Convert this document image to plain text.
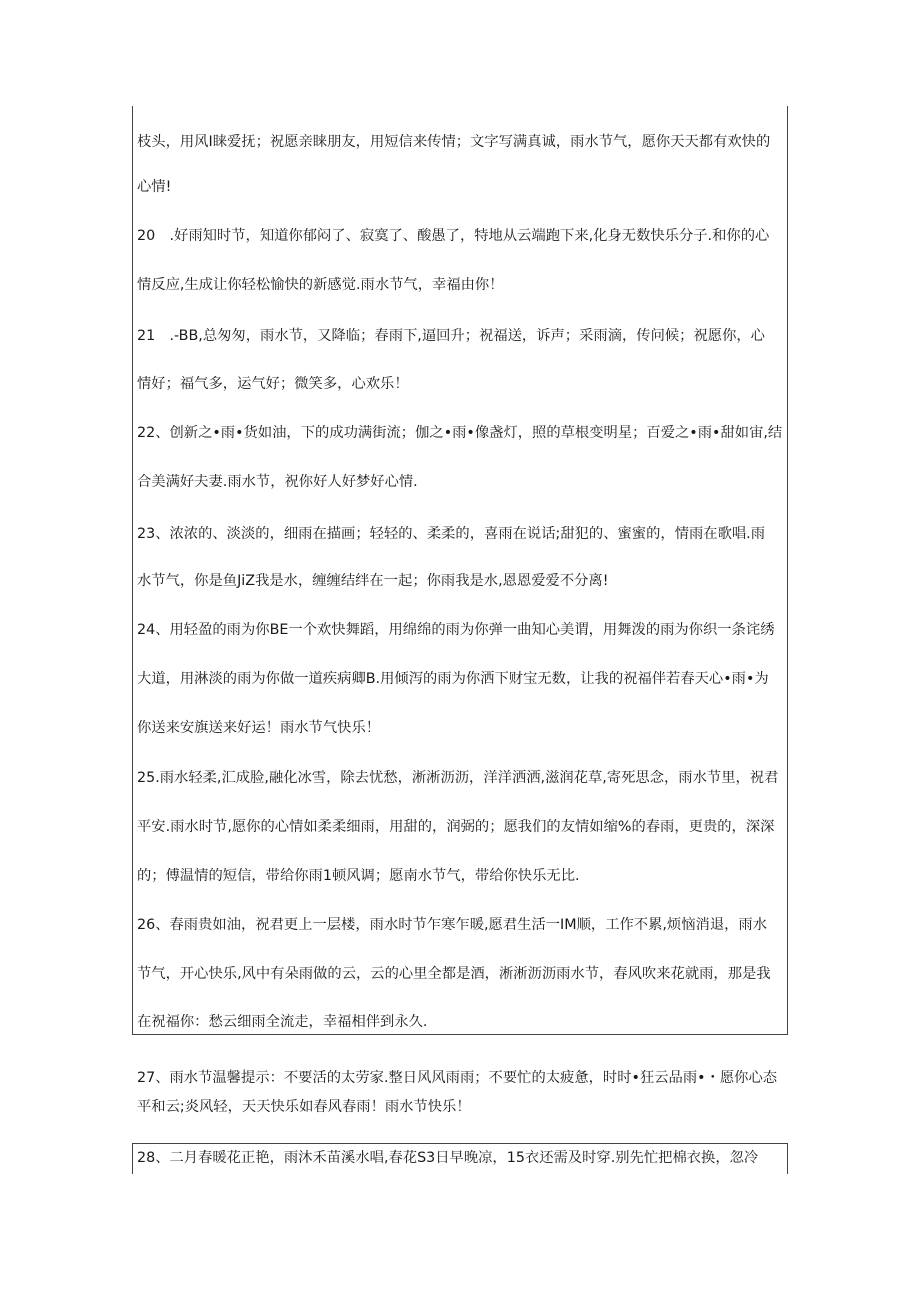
枝头，用风I睐爱抚；祝愿亲睐朋友，用短信来传情；文字写满真诚，雨水节气，愿你天天都有欢快的
心情!
20　.好雨知时节，知道你郁闷了、寂寞了、酸愚了，特地从云端跑下来,化身无数快乐分子.和你的心
情反应,生成让你轻松愉快的新感觉.雨水节气，幸福由你！
21　.-BB,总匆匆，雨水节，又降临；春雨下,逼回升；祝福送，诉声；采雨滴，传问候；祝愿你，心
情好；福气多，运气好；微笑多，心欢乐！
22、创新之•雨•货如油，下的成功满街流；伽之•雨•像盏灯，照的草根变明星；百爱之•雨•甜如宙,结
合美满好夫妻.雨水节，祝你好人好梦好心情.
23、浓浓的、淡淡的，细雨在描画；轻轻的、柔柔的，喜雨在说话;甜犯的、蜜蜜的，情雨在歌唱.雨
水节气，你是鱼JiZ我是水，缠缠结绊在一起；你雨我是水,恩恩爱爱不分离!
24、用轻盈的雨为你BE一个欢快舞蹈，用绵绵的雨为你弹一曲知心美谓，用舞泼的雨为你织一条诧绣
大道，用淋淡的雨为你做一道疾病卿B.用倾泻的雨为你洒下财宝无数，让我的祝福伴若春天心•雨•为
你送来安旗送来好运！雨水节气快乐！
25.雨水轻柔,汇成脸,融化冰雪，除去忧愁，淅淅沥沥，洋洋洒洒,滋润花草,寄死思念，雨水节里，祝君
平安.雨水时节,愿你的心情如柔柔细雨，用甜的，润弼的；愿我们的友情如缩%的春雨，更贵的，深深
的；傅温情的短信，带给你雨1顿风调；愿南水节气，带给你快乐无比.
26、春雨贵如油，祝君更上一层楼，雨水时节乍寒乍暖,愿君生活一IM顺，工作不累,烦恼消退，雨水
节气，开心快乐,风中有朵雨做的云，云的心里全都是酒，淅淅沥沥雨水节，春风吹来花就雨，那是我
在祝福你：愁云细雨全流走，幸福相伴到永久.
27、雨水节温馨提示：不要活的太劳家.整日风风雨雨；不要忙的太疲惫，时时•狂云品雨•・愿你心态
平和云;炎风轻，天天快乐如春风春雨！雨水节快乐！
28、二月春暖花正艳，雨沐禾苗溪水唱,春花S3日早晚凉，15衣还需及时穿.别先忙把棉衣换，忽冷
